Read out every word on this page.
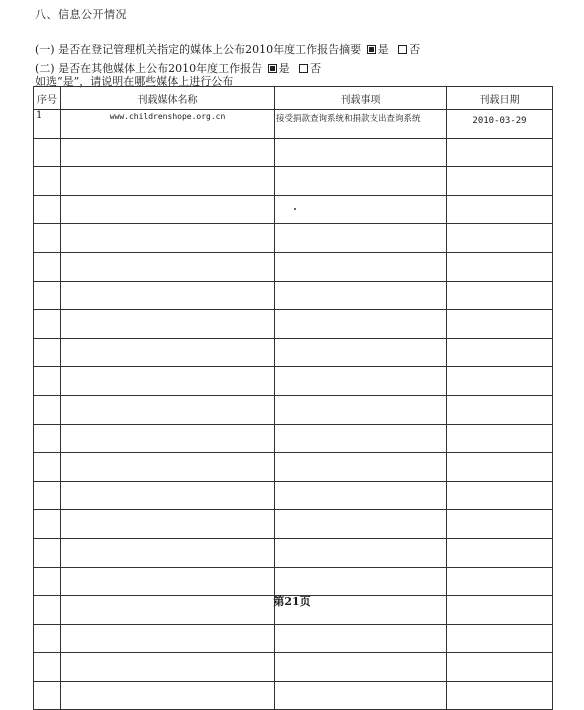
八、信息公开情况
(一) 是否在登记管理机关指定的媒体上公布2010年度工作报告摘要 是 否
(二) 是否在其他媒体上公布2010年度工作报告 是 否
如选“是”，请说明在哪些媒体上进行公布
序号	刊载媒体名称	刊载事项	刊载日期
1	www.childrenshope.org.cn	接受捐款查询系统和捐款支出查询系统	2010-03-29

第21页
